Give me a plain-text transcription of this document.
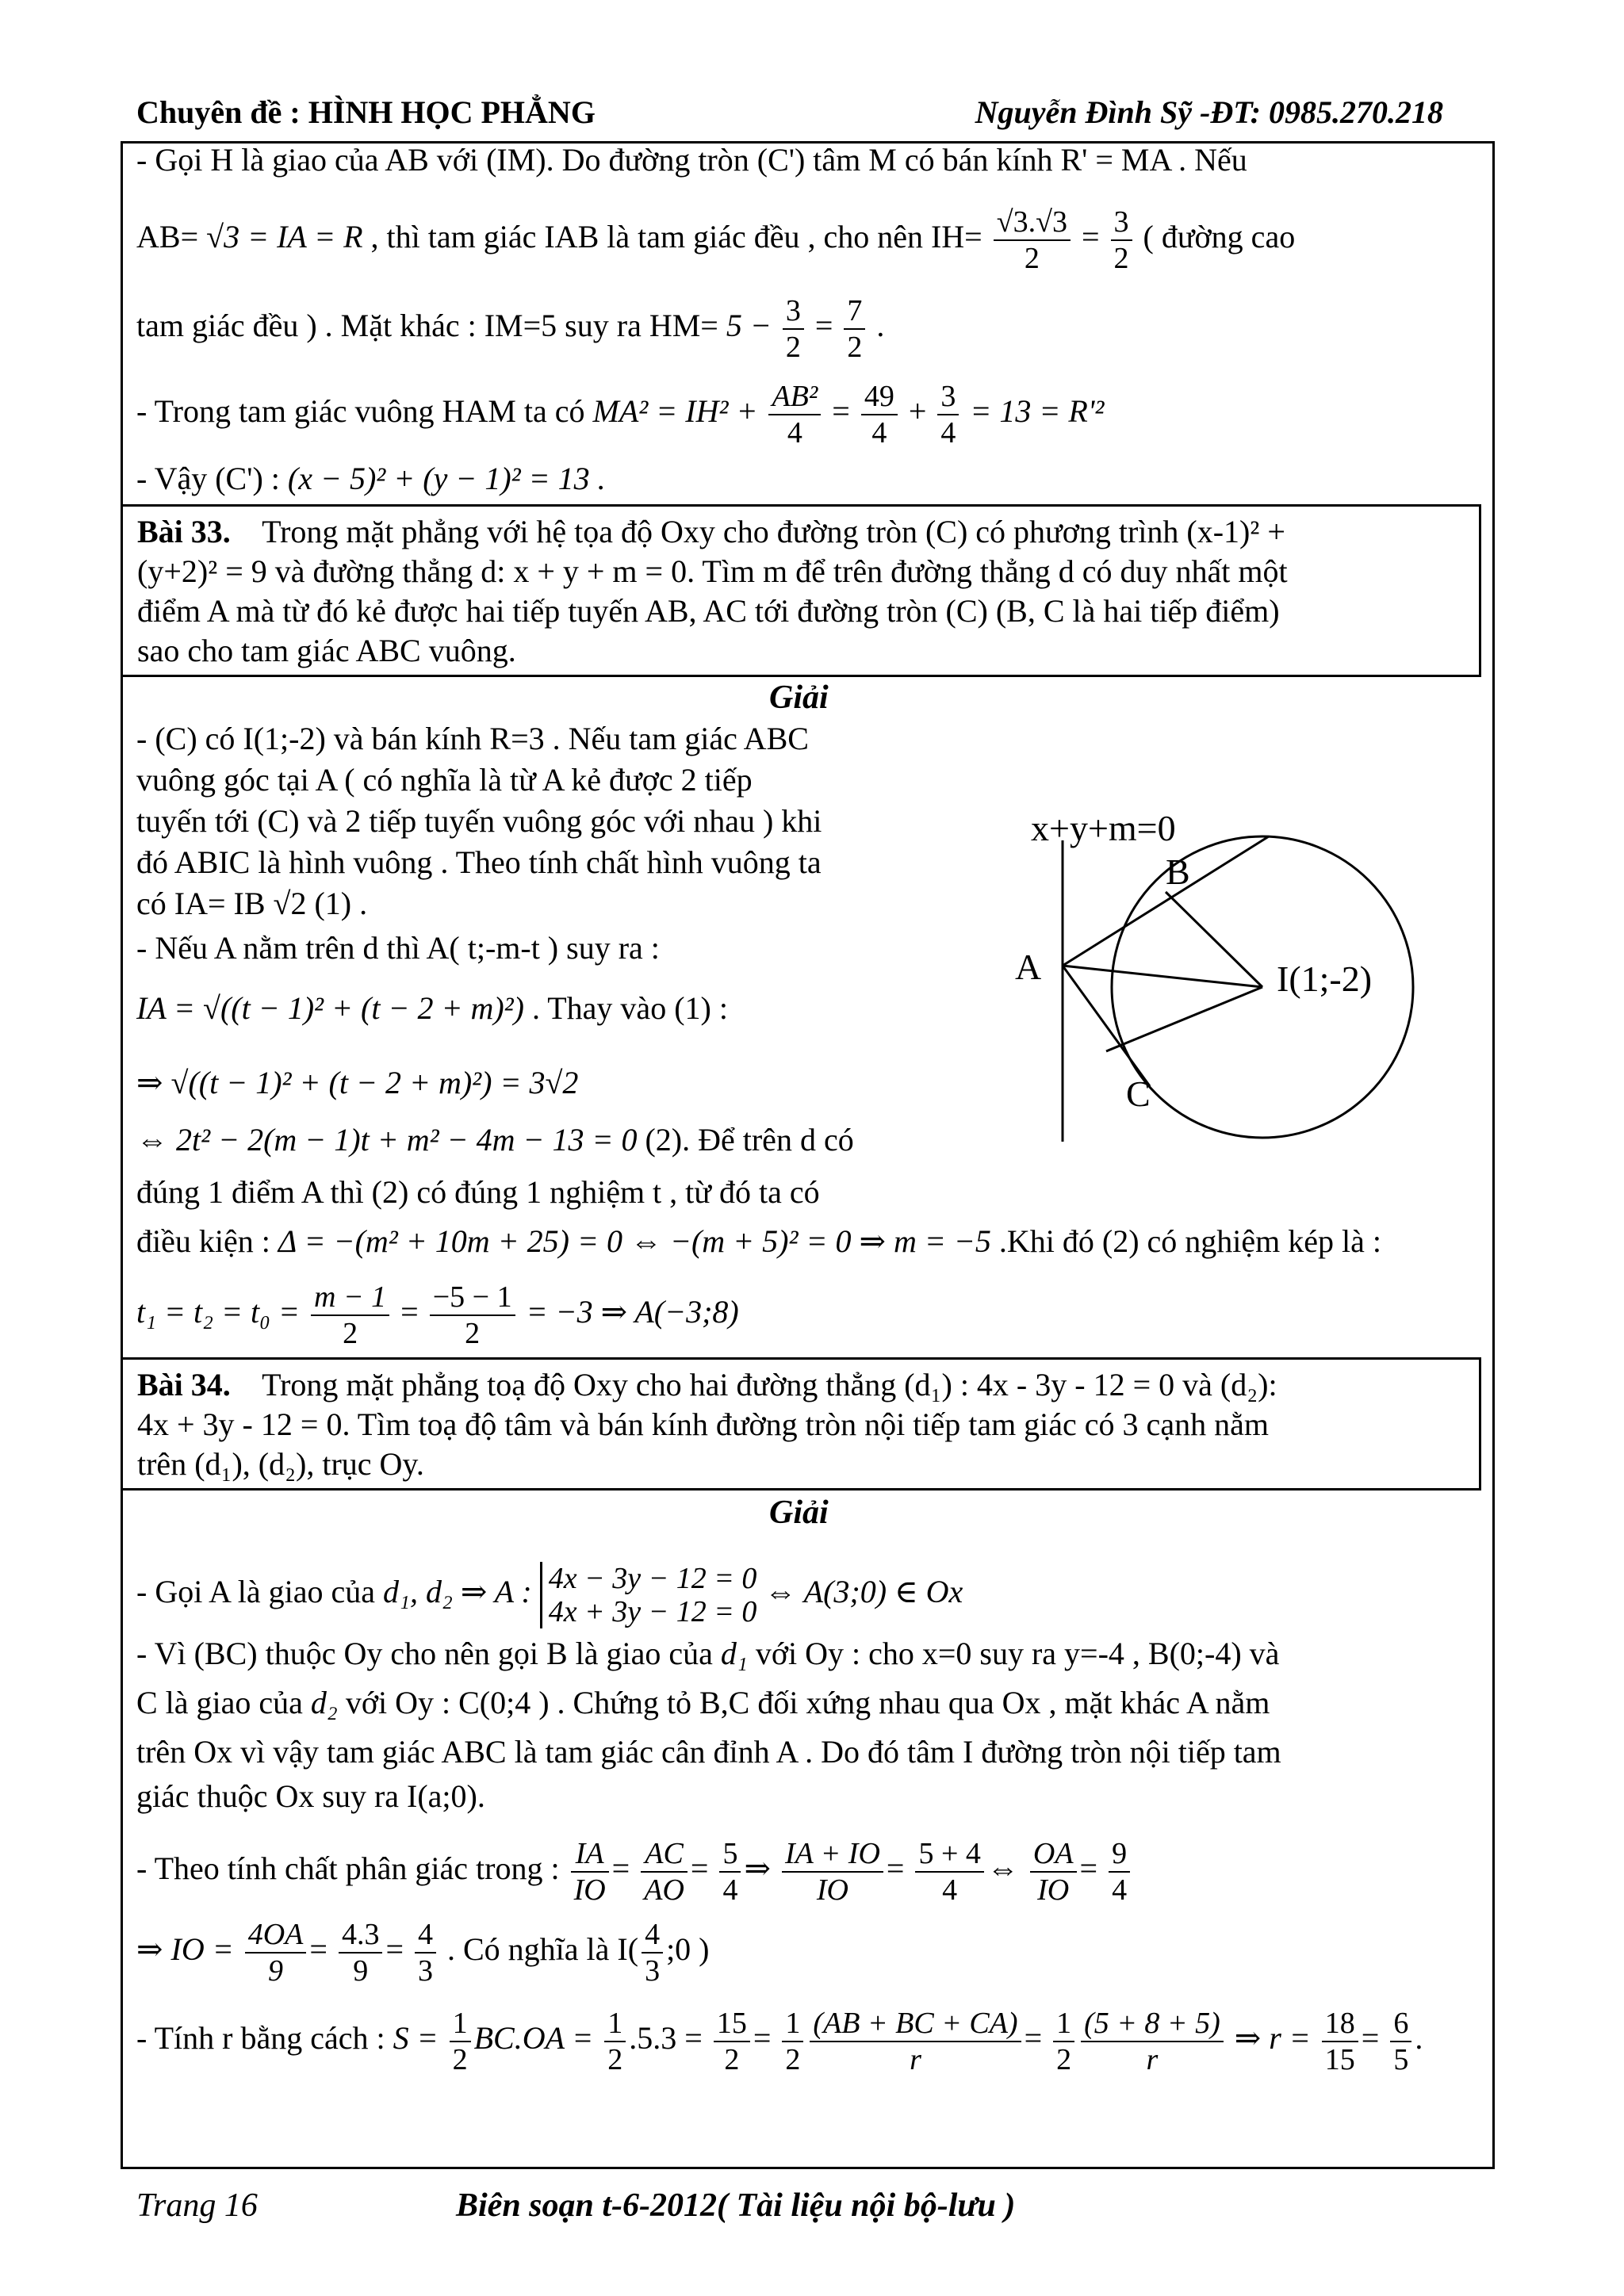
Chuyên đề : HÌNH HỌC PHẲNG	Nguyễn Đình Sỹ -ĐT: 0985.270.218
- Gọi H là giao của AB với (IM). Do đường tròn (C') tâm M có bán kính R' = MA . Nếu
AB= √3 = IA = R , thì tam giác IAB là tam giác đều , cho nên $IH= \frac{√3.√3}{2} = \frac{3}{2}$ ( đường cao
tam giác đều ) . Mặt khác : IM=5 suy ra $HM= 5 - \frac{3}{2} = \frac{7}{2}$ .
- Trong tam giác vuông HAM ta có $MA^2 = IH^2 + \frac{\text{AB²}}{4} = \frac{49}{4} + \frac{3}{4} = 13 = R'^2$
- Vậy (C') : (x − 5)² + (y − 1)² = 13 .
Bài 33. Trong mặt phẳng với hệ tọa độ Oxy cho đường tròn (C) có phương trình (x-1)² +
(y+2)² = 9 và đường thẳng d: x + y + m = 0. Tìm m để trên đường thẳng d có duy nhất một
điểm A mà từ đó kẻ được hai tiếp tuyến AB, AC tới đường tròn (C) (B, C là hai tiếp điểm)
sao cho tam giác ABC vuông.
Giải
- (C) có I(1;-2) và bán kính R=3 . Nếu tam giác ABC
vuông góc tại A ( có nghĩa là từ A kẻ được 2 tiếp
tuyến tới (C) và 2 tiếp tuyến vuông góc với nhau ) khi
đó ABIC là hình vuông . Theo tính chất hình vuông ta
có IA= IB √2 (1) .
- Nếu A nằm trên d thì A( t;-m-t ) suy ra :
IA = √((t − 1)² + (t − 2 + m)²) . Thay vào (1) :
⇒ √((t − 1)² + (t − 2 + m)²) = 3√2
⇔ 2t² − 2(m − 1)t + m² − 4m − 13 = 0 (2). Để trên d có
đúng 1 điểm A thì (2) có đúng 1 nghiệm t , từ đó ta có
điều kiện : Δ = −(m² + 10m + 25) = 0 ⇔ −(m + 5)² = 0 ⇒ m = −5 .Khi đó (2) có nghiệm kép là :
$t_1 = t_2 = t_0 = \frac{m - 1}{2} = \frac{-5 - 1}{2} = -3$ ⇒ A(−3;8)
x+y+m=0
B
A	I(1;-2)
C
Bài 34. Trong mặt phẳng toạ độ Oxy cho hai đường thẳng (d₁) : 4x - 3y - 12 = 0 và (d₂):
4x + 3y - 12 = 0. Tìm toạ độ tâm và bán kính đường tròn nội tiếp tam giác có 3 cạnh nằm
trên (d₁), (d₂), trục Oy.
Giải
- Gọi A là giao của d₁, d₂ ⇒ A : 4x − 3y − 12 = 0
4x + 3y − 12 = 0
⇔ A(3;0) ∈ Ox
- Vì (BC) thuộc Oy cho nên gọi B là giao của d₁ với Oy : cho x=0 suy ra y=-4 , B(0;-4) và
C là giao của d₂ với Oy : C(0;4 ) . Chứng tỏ B,C đối xứng nhau qua Ox , mặt khác A nằm
trên Ox vì vậy tam giác ABC là tam giác cân đỉnh A . Do đó tâm I đường tròn nội tiếp tam
giác thuộc Ox suy ra I(a;0).
- Theo tính chất phân giác trong : $\frac{IA}{IO} = \frac{AC}{AO} = \frac{5}{4}$ ⇒ $\frac{IA + IO}{IO} = \frac{5 + 4}{4}$ ⇔ $\frac{OA}{IO} = \frac{9}{4}$
⇒ IO = $\frac{4OA}{9} = \frac{4.3}{9} = \frac{4}{3}$ . Có nghĩa là $I( \frac{4}{3}$ ;0 )
- Tính r bằng cách : $S = \frac{1}{2} BC.OA = \frac{1}{2} .5.3 = \frac{15}{2} = \frac{1}{2} \frac{(AB + BC + CA)}{r} = \frac{1}{2} \frac{(5 + 8 + 5)}{r}$ ⇒ $r = \frac{18}{15} = \frac{6}{5}$ .
Trang 16	Biên soạn t-6-2012( Tài liệu nội bộ-lưu )
